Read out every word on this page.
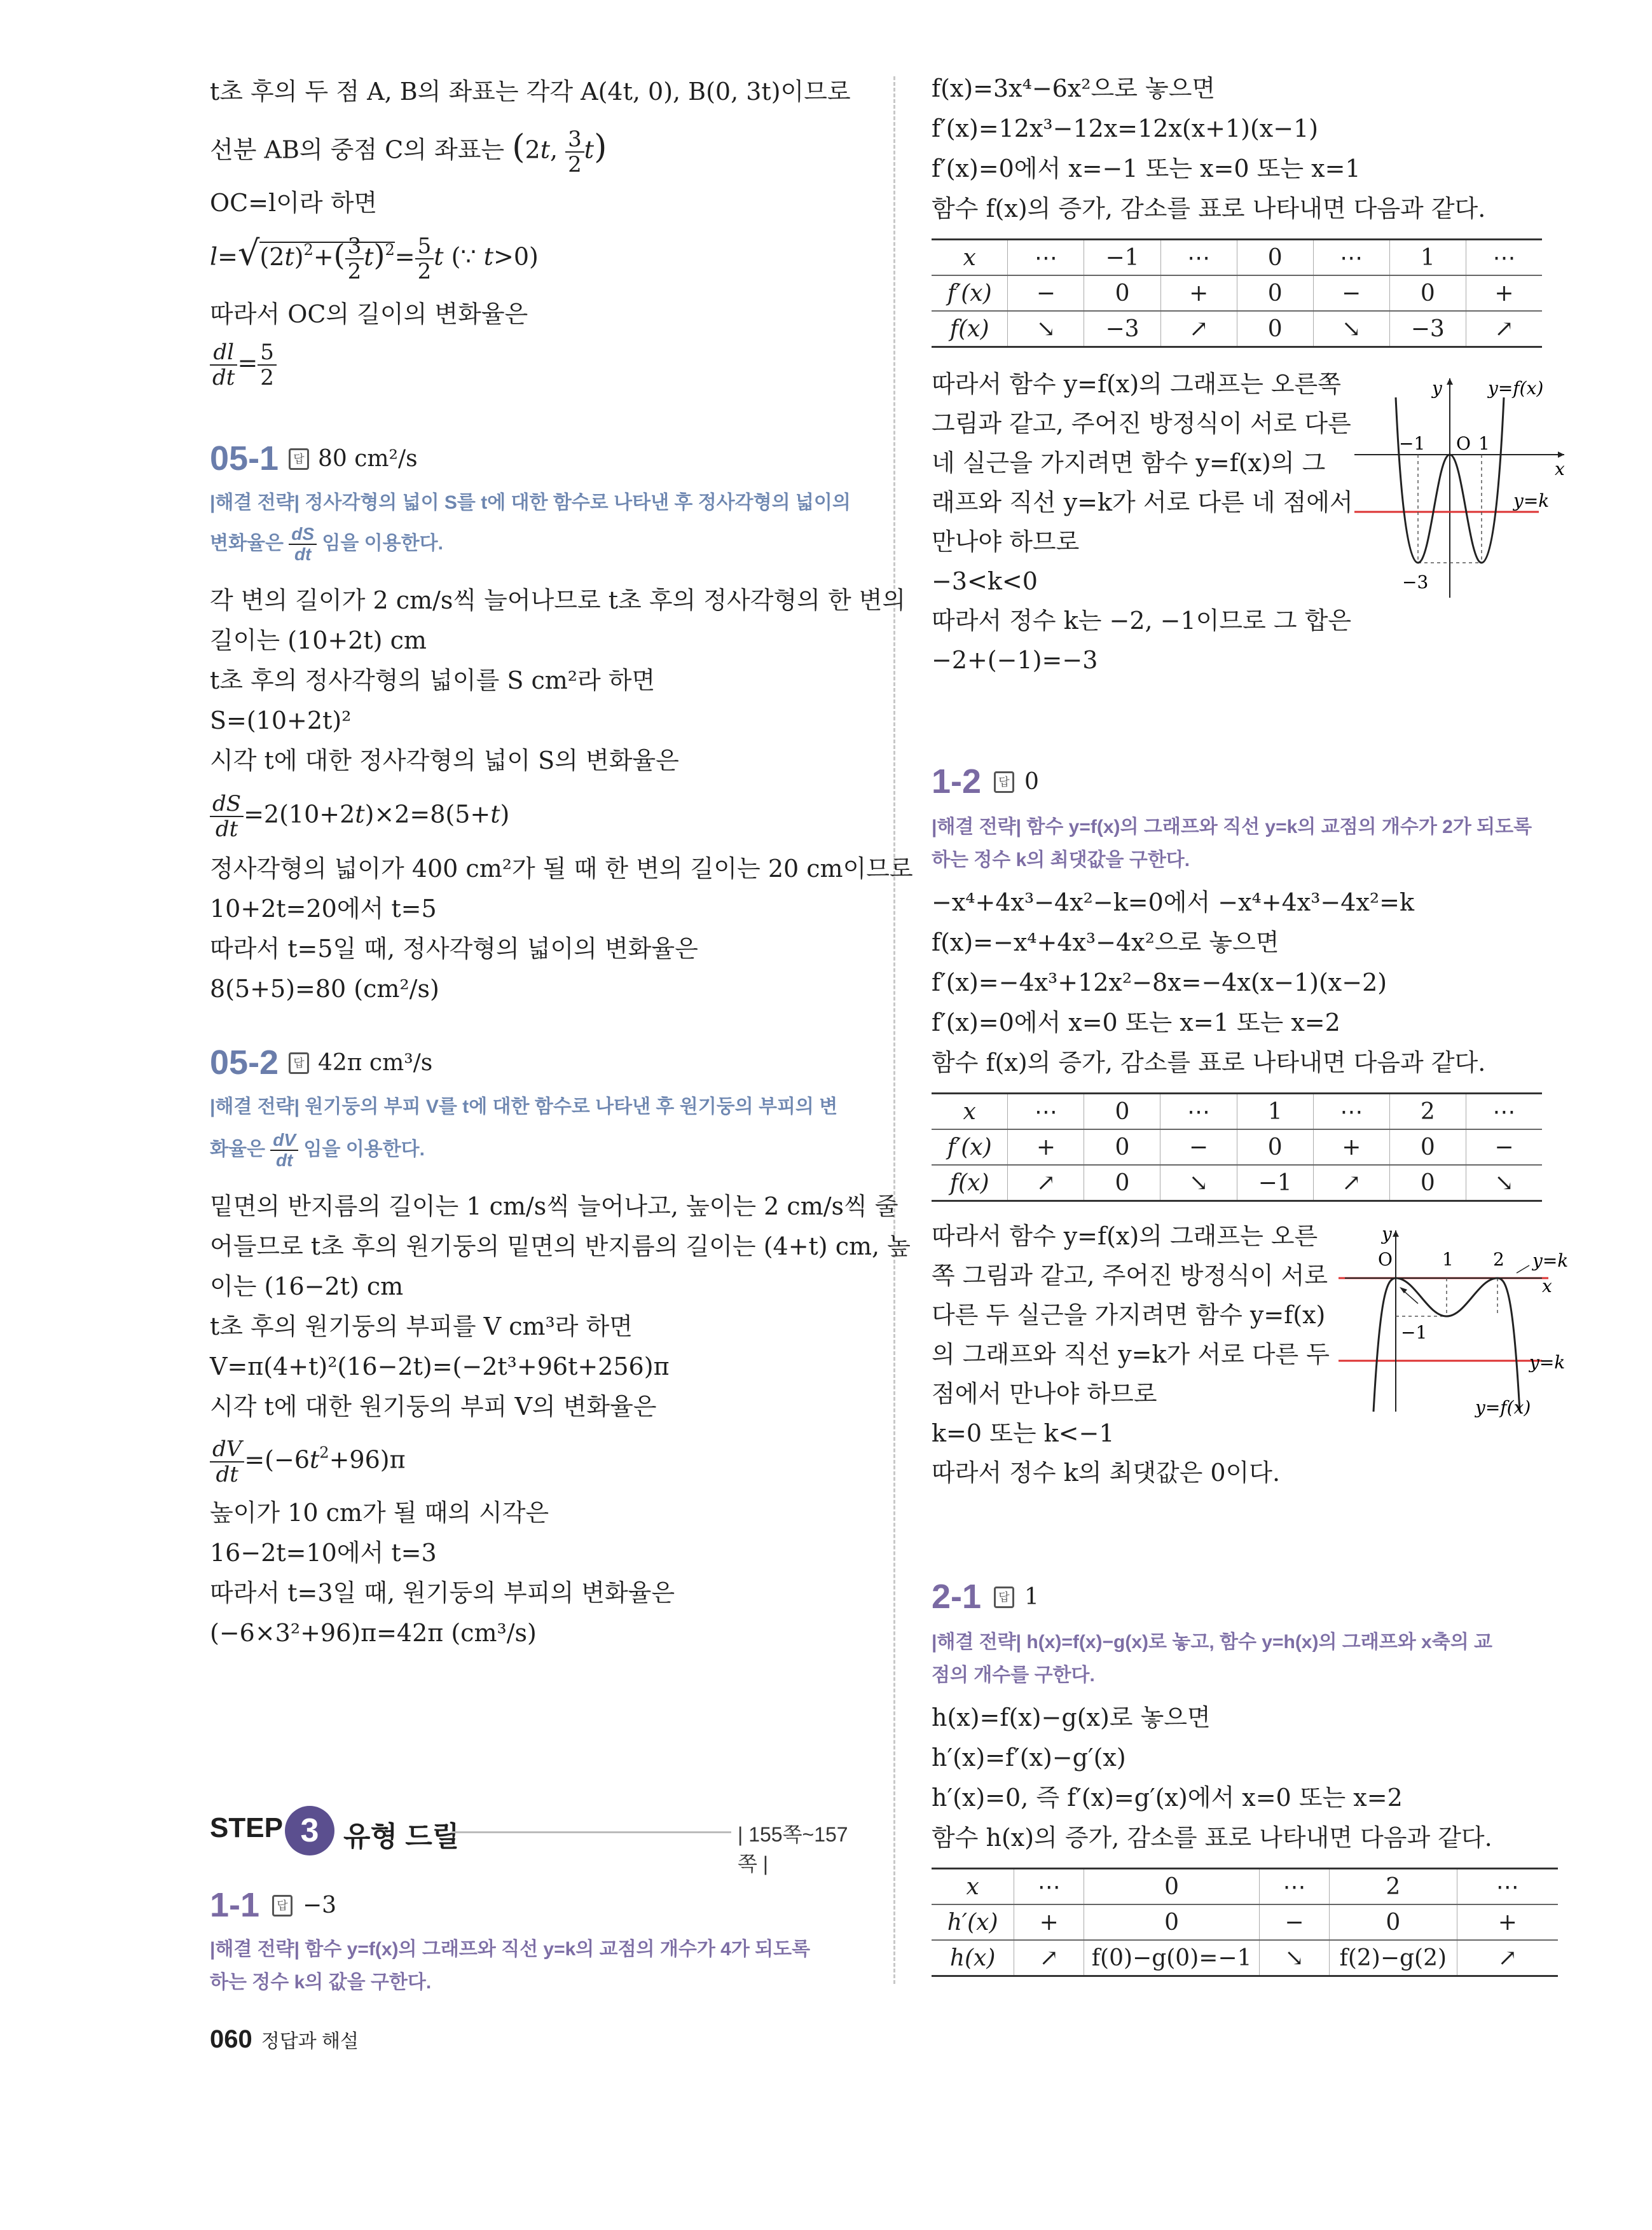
t초 후의 두 점 A, B의 좌표는 각각 A(4t, 0), B(0, 3t)이므로
선분 AB의 중점 C의 좌표는 (2t, $\frac{3}{2} t$)
OC=l이라 하면
$l=√(2t)^2+( \frac{3}{2} t)^2= \frac{5}{2}$ t (∵ t>0)
따라서 OC의 길이의 변화율은
$\frac{dl}{dt} = \frac{5}{2}$
05-1	답 80 cm²/s
|해결 전략| 정사각형의 넓이 S를 t에 대한 함수로 나타낸 후 정사각형의 넓이의
변화율은 $\frac{dS}{dt}$ 임을 이용한다.
각 변의 길이가 2 cm/s씩 늘어나므로 t초 후의 정사각형의 한 변의
길이는 (10+2t) cm
t초 후의 정사각형의 넓이를 S cm²라 하면
S=(10+2t)²
시각 t에 대한 정사각형의 넓이 S의 변화율은
$\frac{dS}{dt} =2(10+2t)\times 2=8(5+t)$
정사각형의 넓이가 400 cm²가 될 때 한 변의 길이는 20 cm이므로
10+2t=20에서 t=5
따라서 t=5일 때, 정사각형의 넓이의 변화율은
8(5+5)=80 (cm²/s)
05-2	답 42π cm³/s
|해결 전략| 원기둥의 부피 V를 t에 대한 함수로 나타낸 후 원기둥의 부피의 변
화율은 $\frac{dV}{dt}$ 임을 이용한다.
밑면의 반지름의 길이는 1 cm/s씩 늘어나고, 높이는 2 cm/s씩 줄
어들므로 t초 후의 원기둥의 밑면의 반지름의 길이는 (4+t) cm, 높
이는 (16−2t) cm
t초 후의 원기둥의 부피를 V cm³라 하면
V=π(4+t)²(16−2t)=(−2t³+96t+256)π
시각 t에 대한 원기둥의 부피 V의 변화율은
$\frac{dV}{dt} =(-6t^2+96)\pi$
높이가 10 cm가 될 때의 시각은
16−2t=10에서 t=3
따라서 t=3일 때, 원기둥의 부피의 변화율은
(−6×3²+96)π=42π (cm³/s)
STEP 3 유형 드릴	| 155쪽~157쪽 |
1-1	답 −3
|해결 전략| 함수 y=f(x)의 그래프와 직선 y=k의 교점의 개수가 4가 되도록
하는 정수 k의 값을 구한다.
f(x)=3x⁴−6x²으로 놓으면
f′(x)=12x³−12x=12x(x+1)(x−1)
f′(x)=0에서 x=−1 또는 x=0 또는 x=1
함수 f(x)의 증가, 감소를 표로 나타내면 다음과 같다.
x	⋯	−1	⋯	0	⋯	1	⋯
f′(x)	−	0	+	0	−	0	+
f(x)	↘	−3	↗	0	↘	−3	↗
따라서 함수 y=f(x)의 그래프는 오른쪽
그림과 같고, 주어진 방정식이 서로 다른
네 실근을 가지려면 함수 y=f(x)의 그
래프와 직선 y=k가 서로 다른 네 점에서
만나야 하므로
−3<k<0
따라서 정수 k는 −2, −1이므로 그 합은
−2+(−1)=−3
y
x
O
−1	1
−3
y=f(x)
y=k
1-2	답 0
|해결 전략| 함수 y=f(x)의 그래프와 직선 y=k의 교점의 개수가 2가 되도록
하는 정수 k의 최댓값을 구한다.
−x⁴+4x³−4x²−k=0에서 −x⁴+4x³−4x²=k
f(x)=−x⁴+4x³−4x²으로 놓으면
f′(x)=−4x³+12x²−8x=−4x(x−1)(x−2)
f′(x)=0에서 x=0 또는 x=1 또는 x=2
함수 f(x)의 증가, 감소를 표로 나타내면 다음과 같다.
x	⋯	0	⋯	1	⋯	2	⋯
f′(x)	+	0	−	0	+	0	−
f(x)	↗	0	↘	−1	↗	0	↘
따라서 함수 y=f(x)의 그래프는 오른
쪽 그림과 같고, 주어진 방정식이 서로
다른 두 실근을 가지려면 함수 y=f(x)
의 그래프와 직선 y=k가 서로 다른 두
점에서 만나야 하므로
k=0 또는 k<−1
따라서 정수 k의 최댓값은 0이다.
y
x
O	1 2
−1
y=k
y=k
y=f(x)
2-1	답 1
|해결 전략| h(x)=f(x)−g(x)로 놓고, 함수 y=h(x)의 그래프와 x축의 교
점의 개수를 구한다.
h(x)=f(x)−g(x)로 놓으면
h′(x)=f′(x)−g′(x)
h′(x)=0, 즉 f′(x)=g′(x)에서 x=0 또는 x=2
함수 h(x)의 증가, 감소를 표로 나타내면 다음과 같다.
x	⋯	0	⋯	2	⋯
h′(x)	+	0	−	0	+
h(x)	↗	f(0)−g(0)=−1	↘	f(2)−g(2)	↗
060 정답과 해설
